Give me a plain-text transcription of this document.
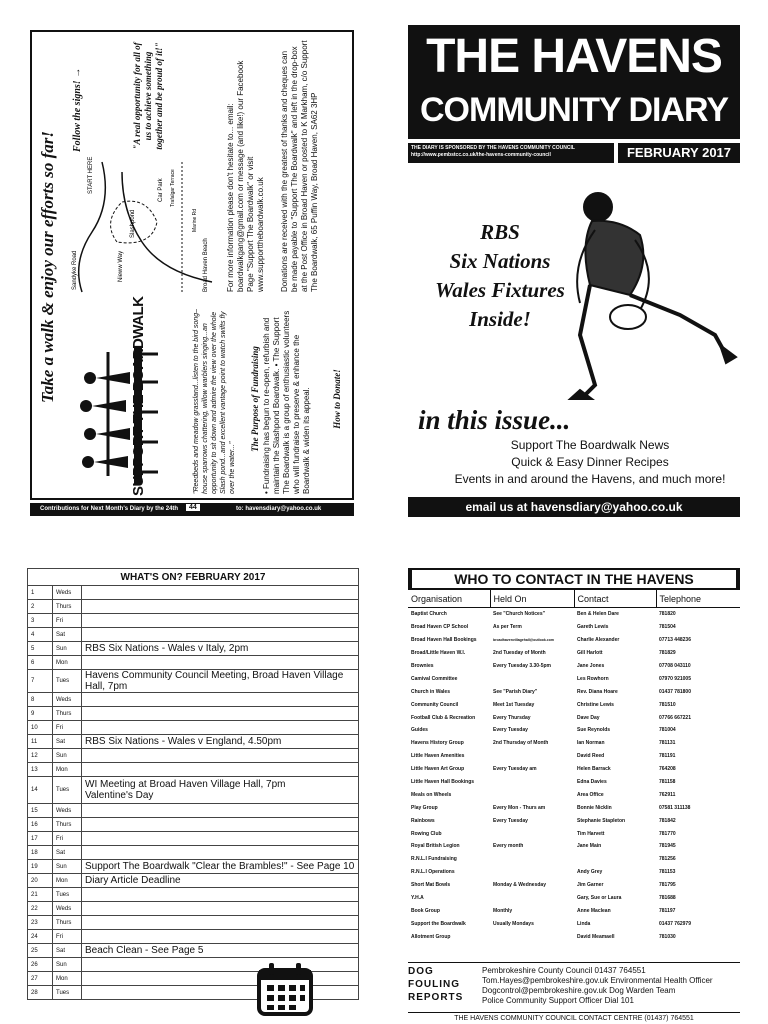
Take a walk & enjoy our efforts so far!	SUPPORT THE BOARDWALK	"Reedbeds and meadow grassland...listen to the bird song–house sparrows chattering, willow warblers singing...an opportunity to sit down and admire the view over the whole Slash pond...and excellent vantage point to watch swifts fly over the water..."
The Purpose of Fundraising • Fundraising has begun to re-open, refurbish and maintain the Slashpond Boardwalk. • The Support The Boardwalk is a group of enthusiastic volunteers who will fundraise to preserve & enhance the Boardwalk & widen its appeal.
Sandyke Road
Slashpond
Nieww Way
Car Park Trafalgar Terrace
START HERE
Broad Haven Beach
Marine Rd
Follow the signs! →	"A real opportunity for all of us to achieve something together and be proud of it!"
For more information please don't hesitate to... email: boardwalkgang@gmail.com or message (and like!) our Facebook Page "Support The Boardwalk" or visit www.supporttheboardwalk.co.uk
How to Donate!
Donations are received with the greatest of thanks and cheques can be made payable to "Support The Boardwalk" and left in the drop-box at the Post Office in Broad Haven or posted to K Markham, c/o Support The Boardwalk, 65 Puffin Way, Broad Haven, SA62 3HP
Contributions for Next Month's Diary by the 24th	44	to: havensdiary@yahoo.co.uk
THE HAVENS
COMMUNITY DIARY
THE DIARY IS SPONSORED BY THE HAVENS COMMUNITY COUNCIL
http://www.pembstcc.co.uk/the-havens-community-council	FEBRUARY 2017
RBS
Six Nations
Wales Fixtures
Inside!
in this issue...
Support The Boardwalk News
Quick & Easy Dinner Recipes
Events in and around the Havens, and much more!
email us at havensdiary@yahoo.co.uk
WHAT'S ON? FEBRUARY 2017		
1	Weds	
2	Thurs	
3	Fri	
4	Sat	
5	Sun	RBS Six Nations - Wales v Italy, 2pm
6	Mon	
7	Tues	Havens Community Council Meeting, Broad Haven Village Hall, 7pm
8	Weds	
9	Thurs	
10	Fri	
11	Sat	RBS Six Nations - Wales v England, 4.50pm
12	Sun	
13	Mon	
14	Tues	WI Meeting at Broad Haven Village Hall, 7pm
Valentine's Day
15	Weds	
16	Thurs	
17	Fri	
18	Sat	
19	Sun	Support The Boardwalk "Clear the Brambles!" - See Page 10
20	Mon	Diary Article Deadline
21	Tues	
22	Weds	
23	Thurs	
24	Fri	
25	Sat	Beach Clean - See Page 5
26	Sun	
27	Mon	
28	Tues	
WHO TO CONTACT IN THE HAVENS
Organisation	Held On	Contact	Telephone
Baptist Church	See "Church Notices"	Ben & Helen Dare	781820
Broad Haven CP School	As per Term	Gareth Lewis	781504
Broad Haven Hall Bookings	broadhavenvillagehall@outlook.com	Charlie Alexander	07713 448236
Broad/Little Haven W.I.	2nd Tuesday of Month	Gill Harlott	781829
Brownies	Every Tuesday 3.30-5pm	Jane Jones	07708 043110
Camival Committee		Les Rowhorn	07970 921005
Church in Wales	See "Parish Diary"	Rev. Diana Hoare	01437 781800
Community Council	Meet 1st Tuesday	Christine Lewis	781510
Football Club & Recreation	Every Thursday	Dave Day	07766 667221
Guides	Every Tuesday	Sue Reynolds	781004
Havens History Group	2nd Thursday of Month	Ian Norman	781131
Little Haven Amenities		David Reed	781191
Little Haven Art Group	Every Tuesday am	Helen Barrack	764208
Little Haven Hall Bookings		Edna Davies	781158
Meals on Wheels		Area Office	762911
Play Group	Every Mon - Thurs am	Bonnie Nicklin	07581 311138
Rainbows	Every Tuesday	Stephanie Stapleton	781842
Rowing Club		Tim Harvett	781770
Royal British Legion	Every month	Jane Main	781945
R.N.L.I Fundraising			781256
R.N.L.I Operations		Andy Grey	781153
Short Mat Bowls	Monday & Wednesday	Jim Garner	781795
Y.H.A		Gary, Sue or Laura	781688
Book Group	Monthly	Anne Maclean	781197
Support the Boardwalk	Usually Mondays	Linda	01437 762979
Allotment Group		David Meamaell	781030
DOG
FOULING
REPORTS
Pembrokeshire County Council 01437 764551
Tom.Hayes@pembrokeshire.gov.uk Environmental Health Officer
Dogcontrol@pembrokeshire.gov.uk Dog Warden Team
Police Community Support Officer Dial 101
THE HAVENS COMMUNITY COUNCIL CONTACT CENTRE (01437) 764551
